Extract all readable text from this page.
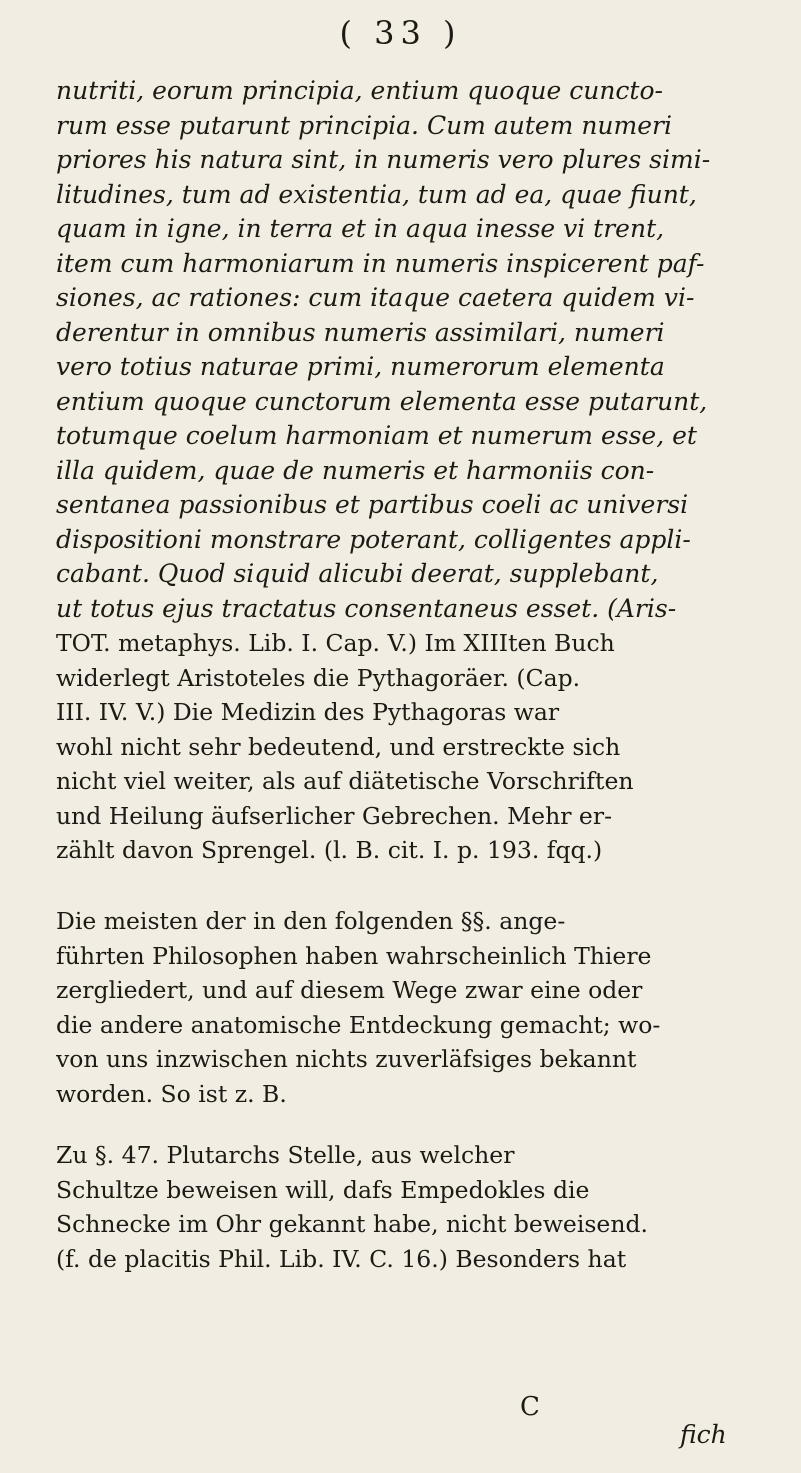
( 33 )
nutriti, eorum principia, entium quoque cuncto-
rum esse putarunt principia. Cum autem numeri
priores his natura sint, in numeris vero plures simi-
litudines, tum ad existentia, tum ad ea, quae fiunt,
quam in igne, in terra et in aqua inesse vi trent,
item cum harmoniarum in numeris inspicerent paf-
siones, ac rationes: cum itaque caetera quidem vi-
derentur in omnibus numeris assimilari, numeri
vero totius naturae primi, numerorum elementa
entium quoque cunctorum elementa esse putarunt,
totumque coelum harmoniam et numerum esse, et
illa quidem, quae de numeris et harmoniis con-
sentanea passionibus et partibus coeli ac universi
dispositioni monstrare poterant, colligentes appli-
cabant. Quod siquid alicubi deerat, supplebant,
ut totus ejus tractatus consentaneus esset. (Aris-
TOT. metaphys. Lib. I. Cap. V.) Im XIIIten Buch
widerlegt Aristoteles die Pythagoräer. (Cap.
III. IV. V.) Die Medizin des Pythagoras war
wohl nicht sehr bedeutend, und erstreckte sich
nicht viel weiter, als auf diätetische Vorschriften
und Heilung äufserlicher Gebrechen. Mehr er-
zählt davon Sprengel. (l. B. cit. I. p. 193. fqq.)
Die meisten der in den folgenden §§. ange-
führten Philosophen haben wahrscheinlich Thiere
zergliedert, und auf diesem Wege zwar eine oder
die andere anatomische Entdeckung gemacht; wo-
von uns inzwischen nichts zuverläfsiges bekannt
worden. So ist z. B.
Zu §. 47. Plutarchs Stelle, aus welcher
Schultze beweisen will, dafs Empedokles die
Schnecke im Ohr gekannt habe, nicht beweisend.
(f. de placitis Phil. Lib. IV. C. 16.) Besonders hat
C
fich
